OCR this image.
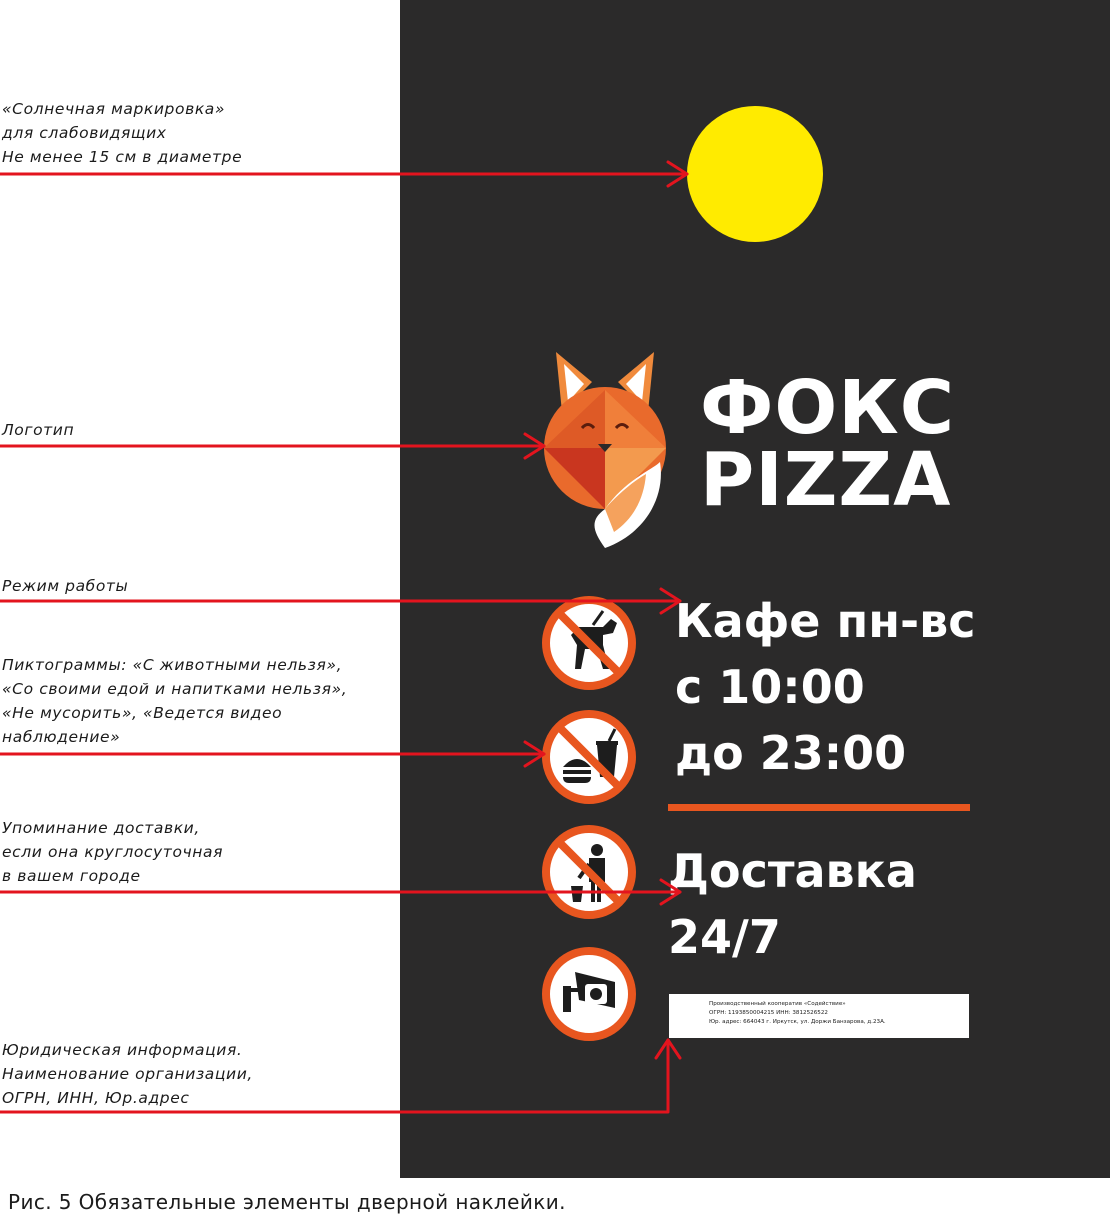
«Солнечная маркировка»
для слабовидящих
Не менее 15 см в диаметре
Логотип
Режим работы
Пиктограммы: «С животными нельзя»,
«Со своими едой и напитками нельзя»,
«Не мусорить», «Ведется видео
наблюдение»
Упоминание доставки,
если она круглосуточная
в вашем городе
Юридическая информация.
Наименование организации,
ОГРН, ИНН, Юр.адрес
ФОКС
PIZZA
Кафе пн-вс
с 10:00
до 23:00
Доставка
24/7
Производственный кооператив «Содействие»
ОГРН: 1193850004215 ИНН: 3812526522
Юр. адрес: 664043 г. Иркутск, ул. Доржи Банзарова, д.23А.
Рис. 5 Обязательные элементы дверной наклейки.
